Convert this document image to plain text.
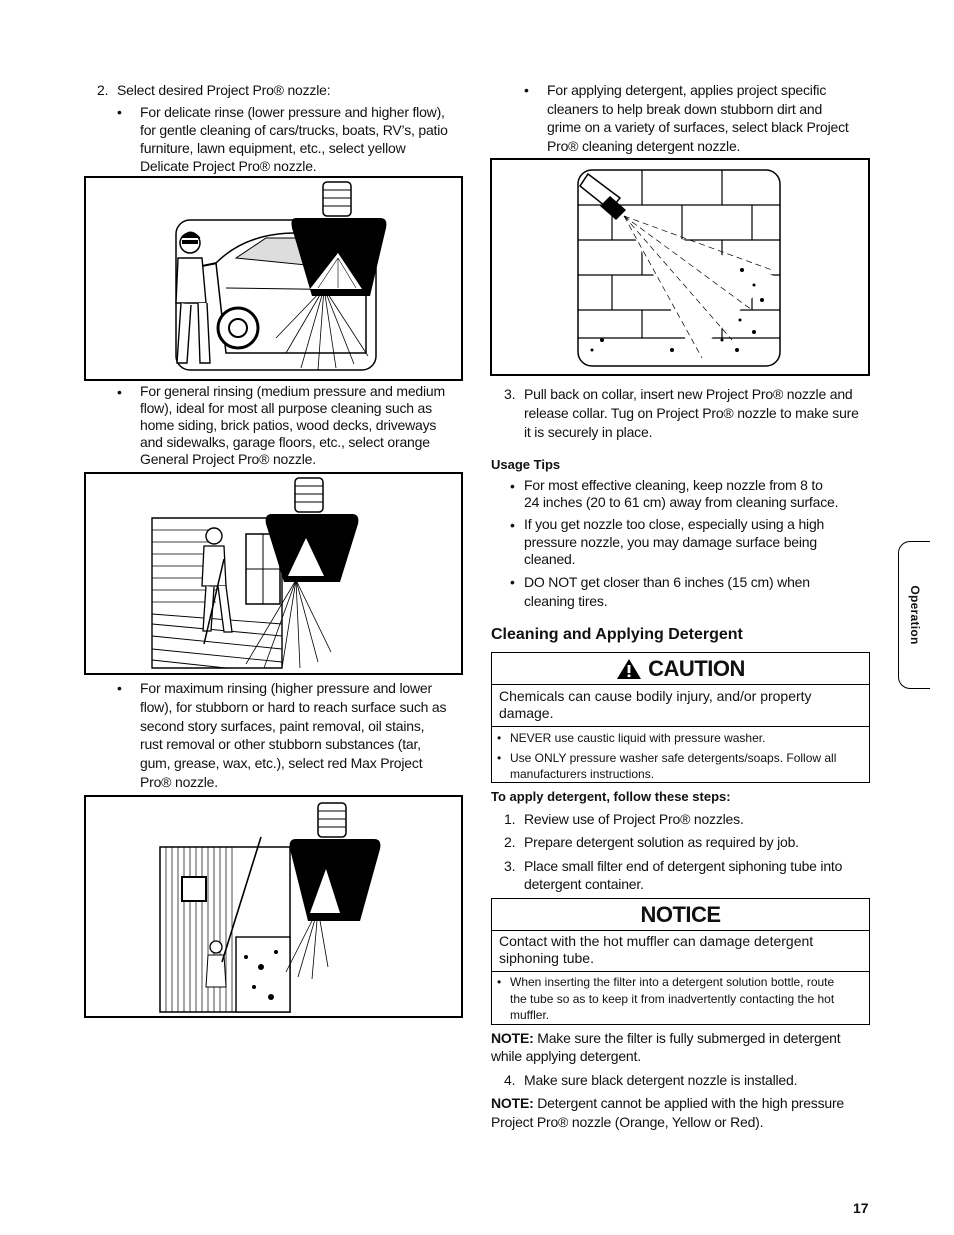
2. Select desired Project Pro® nozzle:
• For delicate rinse (lower pressure and higher flow),
for gentle cleaning of cars/trucks, boats, RV’s, patio
furniture, lawn equipment, etc., select yellow
Delicate Project Pro® nozzle.
• For general rinsing (medium pressure and medium
flow), ideal for most all purpose cleaning such as
home siding, brick patios, wood decks, driveways
and sidewalks, garage floors, etc., select orange
General Project Pro® nozzle.
• For maximum rinsing (higher pressure and lower
flow), for stubborn or hard to reach surface such as
second story surfaces, paint removal, oil stains,
rust removal or other stubborn substances (tar,
gum, grease, wax, etc.), select red Max Project
Pro® nozzle.
• For applying detergent, applies project specific
cleaners to help break down stubborn dirt and
grime on a variety of surfaces, select black Project
Pro® cleaning detergent nozzle.
3. Pull back on collar, insert new Project Pro® nozzle and
release collar. Tug on Project Pro® nozzle to make sure
it is securely in place.
Usage Tips
• For most effective cleaning, keep nozzle from 8 to
24 inches (20 to 61 cm) away from cleaning surface.
• If you get nozzle too close, especially using a high
pressure nozzle, you may damage surface being
cleaned.
• DO NOT get closer than 6 inches (15 cm) when
cleaning tires.
Cleaning and Applying Detergent
CAUTION
Chemicals can cause bodily injury, and/or property
damage.
• NEVER use caustic liquid with pressure washer.
• Use ONLY pressure washer safe detergents/soaps. Follow all
manufacturers instructions.
To apply detergent, follow these steps:
1. Review use of Project Pro® nozzles.
2. Prepare detergent solution as required by job.
3. Place small filter end of detergent siphoning tube into
detergent container.
NOTICE
Contact with the hot muffler can damage detergent
siphoning tube.
• When inserting the filter into a detergent solution bottle, route
the tube so as to keep it from inadvertently contacting the hot
muffler.
NOTE: Make sure the filter is fully submerged in detergent
while applying detergent.
4. Make sure black detergent nozzle is installed.
NOTE: Detergent cannot be applied with the high pressure
Project Pro® nozzle (Orange, Yellow or Red).
Operation
17
